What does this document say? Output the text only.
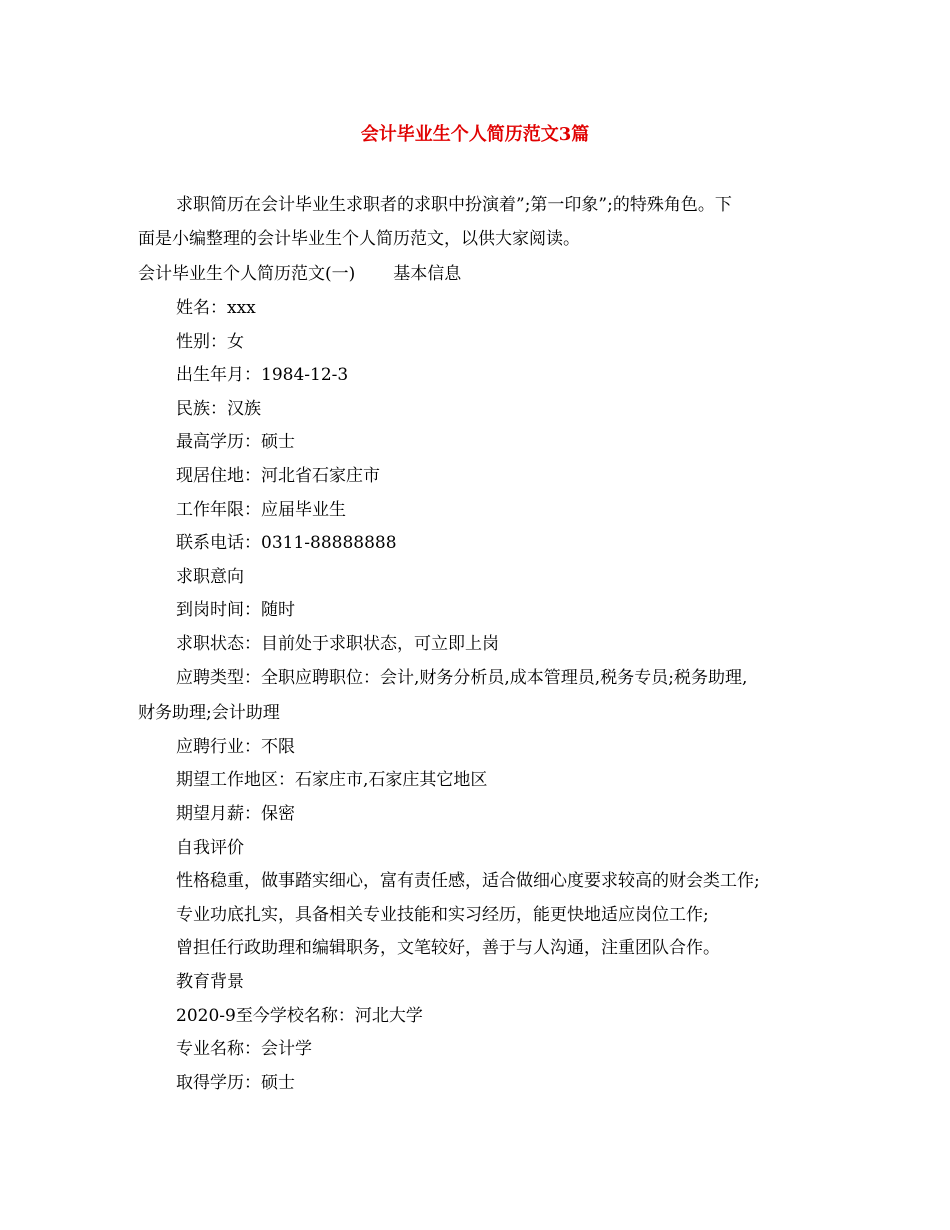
会计毕业生个人简历范文3篇
求职简历在会计毕业生求职者的求职中扮演着”;第一印象”;的特殊角色。下
面是小编整理的会计毕业生个人简历范文，以供大家阅读。
会计毕业生个人简历范文(一) 基本信息
姓名：xxx
性别：女
出生年月：1984-12-3
民族：汉族
最高学历：硕士
现居住地：河北省石家庄市
工作年限：应届毕业生
联系电话：0311-88888888
求职意向
到岗时间：随时
求职状态：目前处于求职状态，可立即上岗
应聘类型：全职应聘职位：会计,财务分析员,成本管理员,税务专员;税务助理,
财务助理;会计助理
应聘行业：不限
期望工作地区：石家庄市,石家庄其它地区
期望月薪：保密
自我评价
性格稳重，做事踏实细心，富有责任感，适合做细心度要求较高的财会类工作;
专业功底扎实，具备相关专业技能和实习经历，能更快地适应岗位工作;
曾担任行政助理和编辑职务，文笔较好，善于与人沟通，注重团队合作。
教育背景
2020-9至今学校名称：河北大学
专业名称：会计学
取得学历：硕士
